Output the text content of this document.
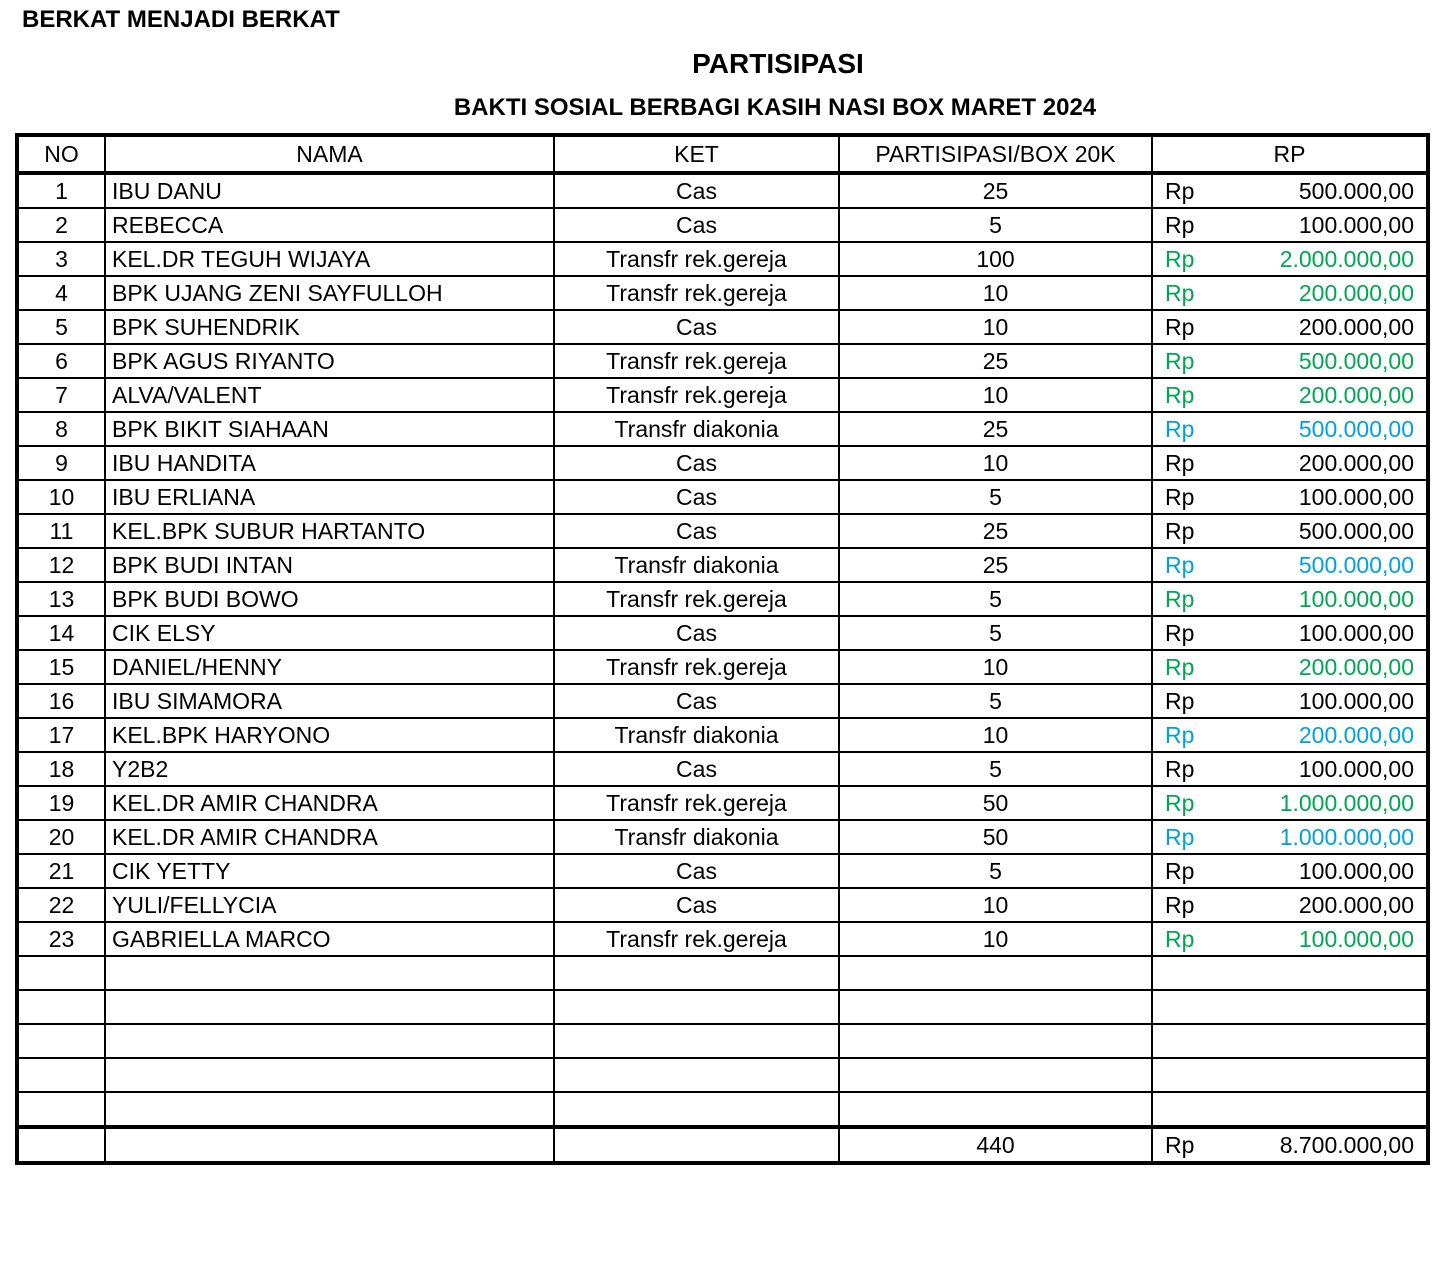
BERKAT MENJADI BERKAT
PARTISIPASI
BAKTI SOSIAL BERBAGI KASIH NASI BOX MARET 2024
NO	NAMA	KET	PARTISIPASI/BOX 20K	RP
1	IBU DANU	Cas	25	Rp 500.000,00

2	REBECCA	Cas	5	Rp 100.000,00

3	KEL.DR TEGUH WIJAYA	Transfr rek.gereja	100	Rp 2.000.000,00

4	BPK UJANG ZENI SAYFULLOH	Transfr rek.gereja	10	Rp 200.000,00

5	BPK SUHENDRIK	Cas	10	Rp 200.000,00

6	BPK AGUS RIYANTO	Transfr rek.gereja	25	Rp 500.000,00

7	ALVA/VALENT	Transfr rek.gereja	10	Rp 200.000,00

8	BPK BIKIT SIAHAAN	Transfr diakonia	25	Rp 500.000,00

9	IBU HANDITA	Cas	10	Rp 200.000,00

10	IBU ERLIANA	Cas	5	Rp 100.000,00

11	KEL.BPK SUBUR HARTANTO	Cas	25	Rp 500.000,00

12	BPK BUDI INTAN	Transfr diakonia	25	Rp 500.000,00

13	BPK BUDI BOWO	Transfr rek.gereja	5	Rp 100.000,00

14	CIK ELSY	Cas	5	Rp 100.000,00

15	DANIEL/HENNY	Transfr rek.gereja	10	Rp 200.000,00

16	IBU SIMAMORA	Cas	5	Rp 100.000,00

17	KEL.BPK HARYONO	Transfr diakonia	10	Rp 200.000,00

18	Y2B2	Cas	5	Rp 100.000,00

19	KEL.DR AMIR CHANDRA	Transfr rek.gereja	50	Rp 1.000.000,00

20	KEL.DR AMIR CHANDRA	Transfr diakonia	50	Rp 1.000.000,00

21	CIK YETTY	Cas	5	Rp 100.000,00

22	YULI/FELLYCIA	Cas	10	Rp 200.000,00

23	GABRIELLA MARCO	Transfr rek.gereja	10	Rp 100.000,00

			440	Rp 8.700.000,00
